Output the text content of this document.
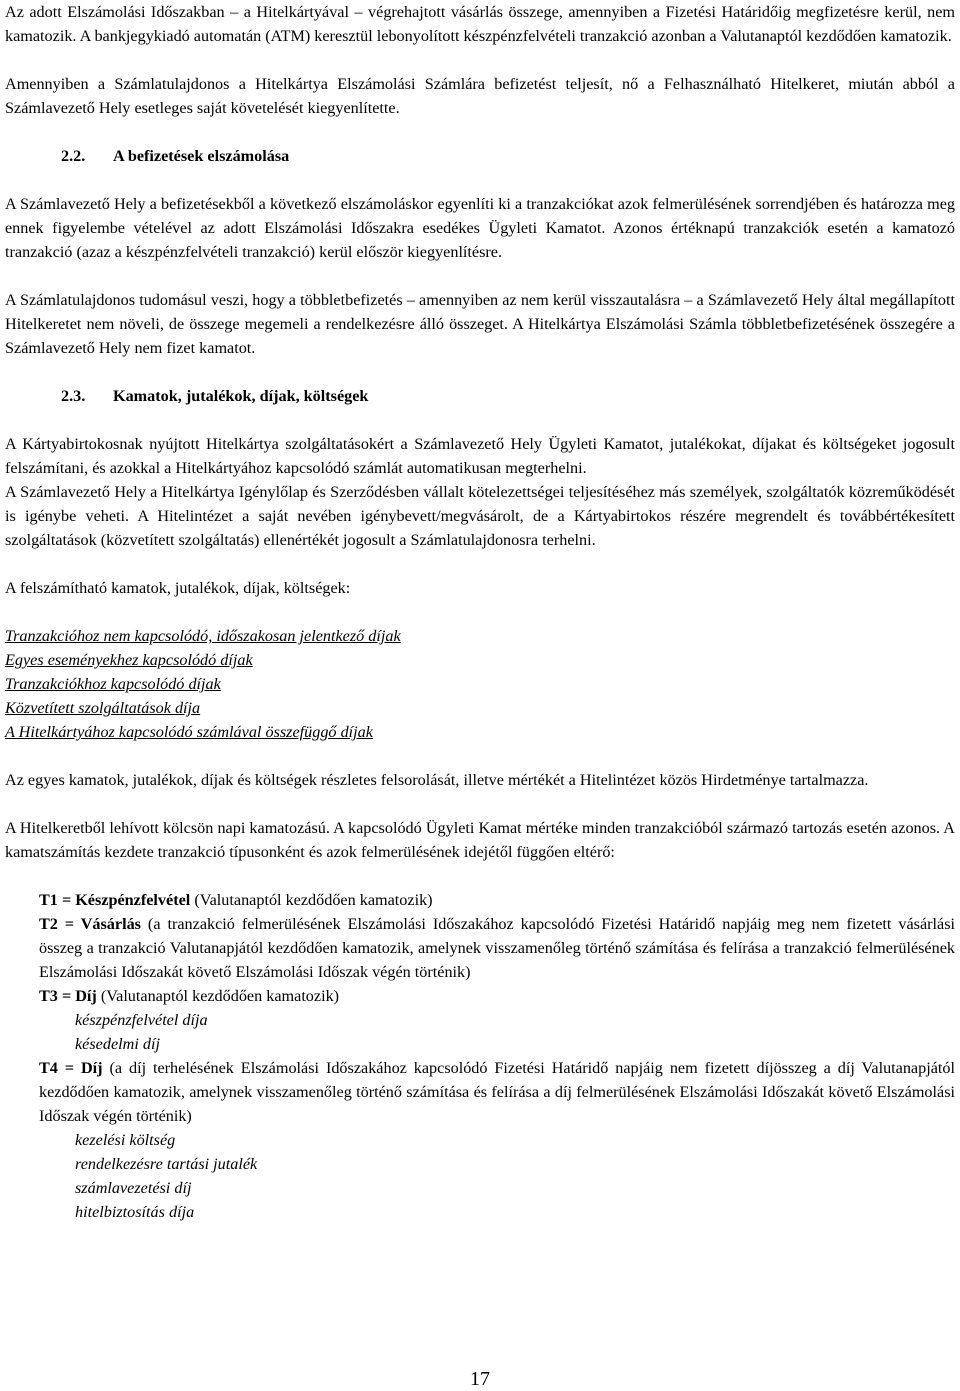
Az adott Elszámolási Időszakban – a Hitelkártyával – végrehajtott vásárlás összege, amennyiben a Fizetési Határidőig megfizetésre kerül, nem kamatozik. A bankjegykiadó automatán (ATM) keresztül lebonyolított készpénzfelvételi tranzakció azonban a Valutanaptól kezdődően kamatozik.

Amennyiben a Számlatulajdonos a Hitelkártya Elszámolási Számlára befizetést teljesít, nő a Felhasználható Hitelkeret, miután abból a Számlavezető Hely esetleges saját követelését kiegyenlítette.

2.2. A befizetések elszámolása

A Számlavezető Hely a befizetésekből a következő elszámoláskor egyenlíti ki a tranzakciókat azok felmerülésének sorrendjében és határozza meg ennek figyelembe vételével az adott Elszámolási Időszakra esedékes Ügyleti Kamatot. Azonos értéknapú tranzakciók esetén a kamatozó tranzakció (azaz a készpénzfelvételi tranzakció) kerül először kiegyenlítésre.

A Számlatulajdonos tudomásul veszi, hogy a többletbefizetés – amennyiben az nem kerül visszautalásra – a Számlavezető Hely által megállapított Hitelkeretet nem növeli, de összege megemeli a rendelkezésre álló összeget. A Hitelkártya Elszámolási Számla többletbefizetésének összegére a Számlavezető Hely nem fizet kamatot.

2.3. Kamatok, jutalékok, díjak, költségek

A Kártyabirtokosnak nyújtott Hitelkártya szolgáltatásokért a Számlavezető Hely Ügyleti Kamatot, jutalékokat, díjakat és költségeket jogosult felszámítani, és azokkal a Hitelkártyához kapcsolódó számlát automatikusan megterhelni.

A Számlavezető Hely a Hitelkártya Igénylőlap és Szerződésben vállalt kötelezettségei teljesítéséhez más személyek, szolgáltatók közreműködését is igénybe veheti. A Hitelintézet a saját nevében igénybevett/megvásárolt, de a Kártyabirtokos részére megrendelt és továbbértékesített szolgáltatások (közvetített szolgáltatás) ellenértékét jogosult a Számlatulajdonosra terhelni.

A felszámítható kamatok, jutalékok, díjak, költségek:

Tranzakcióhoz nem kapcsolódó, időszakosan jelentkező díjak

Egyes eseményekhez kapcsolódó díjak

Tranzakciókhoz kapcsolódó díjak

Közvetített szolgáltatások díja

A Hitelkártyához kapcsolódó számlával összefüggő díjak

Az egyes kamatok, jutalékok, díjak és költségek részletes felsorolását, illetve mértékét a Hitelintézet közös Hirdetménye tartalmazza.

A Hitelkeretből lehívott kölcsön napi kamatozású. A kapcsolódó Ügyleti Kamat mértéke minden tranzakcióból származó tartozás esetén azonos. A kamatszámítás kezdete tranzakció típusonként és azok felmerülésének idejétől függően eltérő:

T1 = Készpénzfelvétel (Valutanaptól kezdődően kamatozik)

T2 = Vásárlás (a tranzakció felmerülésének Elszámolási Időszakához kapcsolódó Fizetési Határidő napjáig meg nem fizetett vásárlási összeg a tranzakció Valutanapjától kezdődően kamatozik, amelynek visszamenőleg történő számítása és felírása a tranzakció felmerülésének Elszámolási Időszakát követő Elszámolási Időszak végén történik)

T3 = Díj (Valutanaptól kezdődően kamatozik)

készpénzfelvétel díja

késedelmi díj

T4 = Díj (a díj terhelésének Elszámolási Időszakához kapcsolódó Fizetési Határidő napjáig nem fizetett díjösszeg a díj Valutanapjától kezdődően kamatozik, amelynek visszamenőleg történő számítása és felírása a díj felmerülésének Elszámolási Időszakát követő Elszámolási Időszak végén történik)

kezelési költség

rendelkezésre tartási jutalék

számlavezetési díj

hitelbiztosítás díja

17
